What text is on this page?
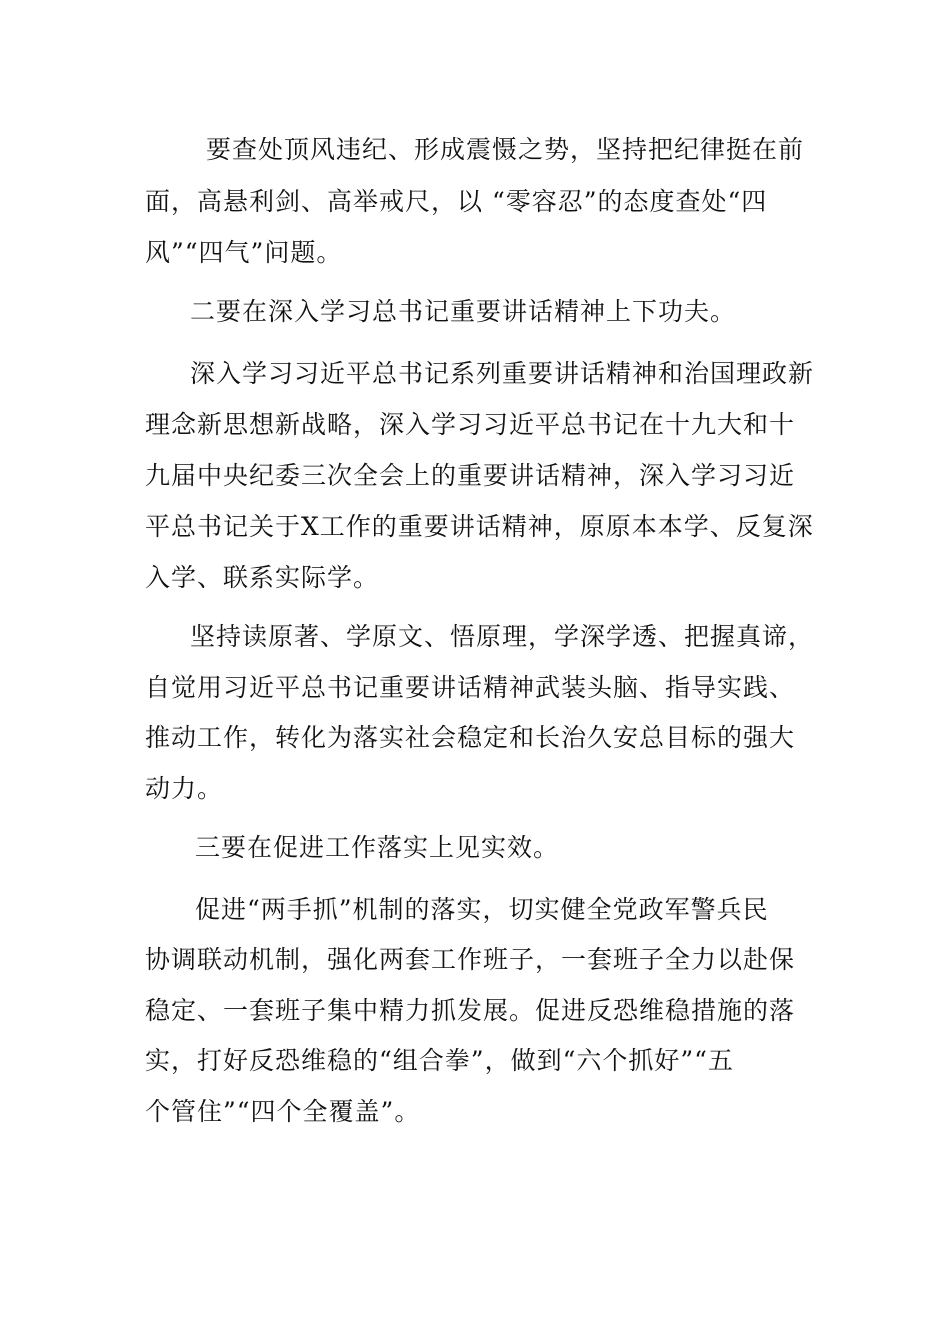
要查处顶风违纪、形成震慑之势，坚持把纪律挺在前
面，高悬利剑、高举戒尺，以 “零容忍”的态度查处“四
风”“四气”问题。
二要在深入学习总书记重要讲话精神上下功夫。
深入学习习近平总书记系列重要讲话精神和治国理政新
理念新思想新战略，深入学习习近平总书记在十九大和十
九届中央纪委三次全会上的重要讲话精神，深入学习习近
平总书记关于X工作的重要讲话精神，原原本本学、反复深
入学、联系实际学。
坚持读原著、学原文、悟原理，学深学透、把握真谛，
自觉用习近平总书记重要讲话精神武装头脑、指导实践、
推动工作，转化为落实社会稳定和长治久安总目标的强大
动力。
三要在促进工作落实上见实效。
促进“两手抓”机制的落实，切实健全党政军警兵民
协调联动机制，强化两套工作班子，一套班子全力以赴保
稳定、一套班子集中精力抓发展。促进反恐维稳措施的落
实，打好反恐维稳的“组合拳”，做到“六个抓好”“五
个管住”“四个全覆盖”。
